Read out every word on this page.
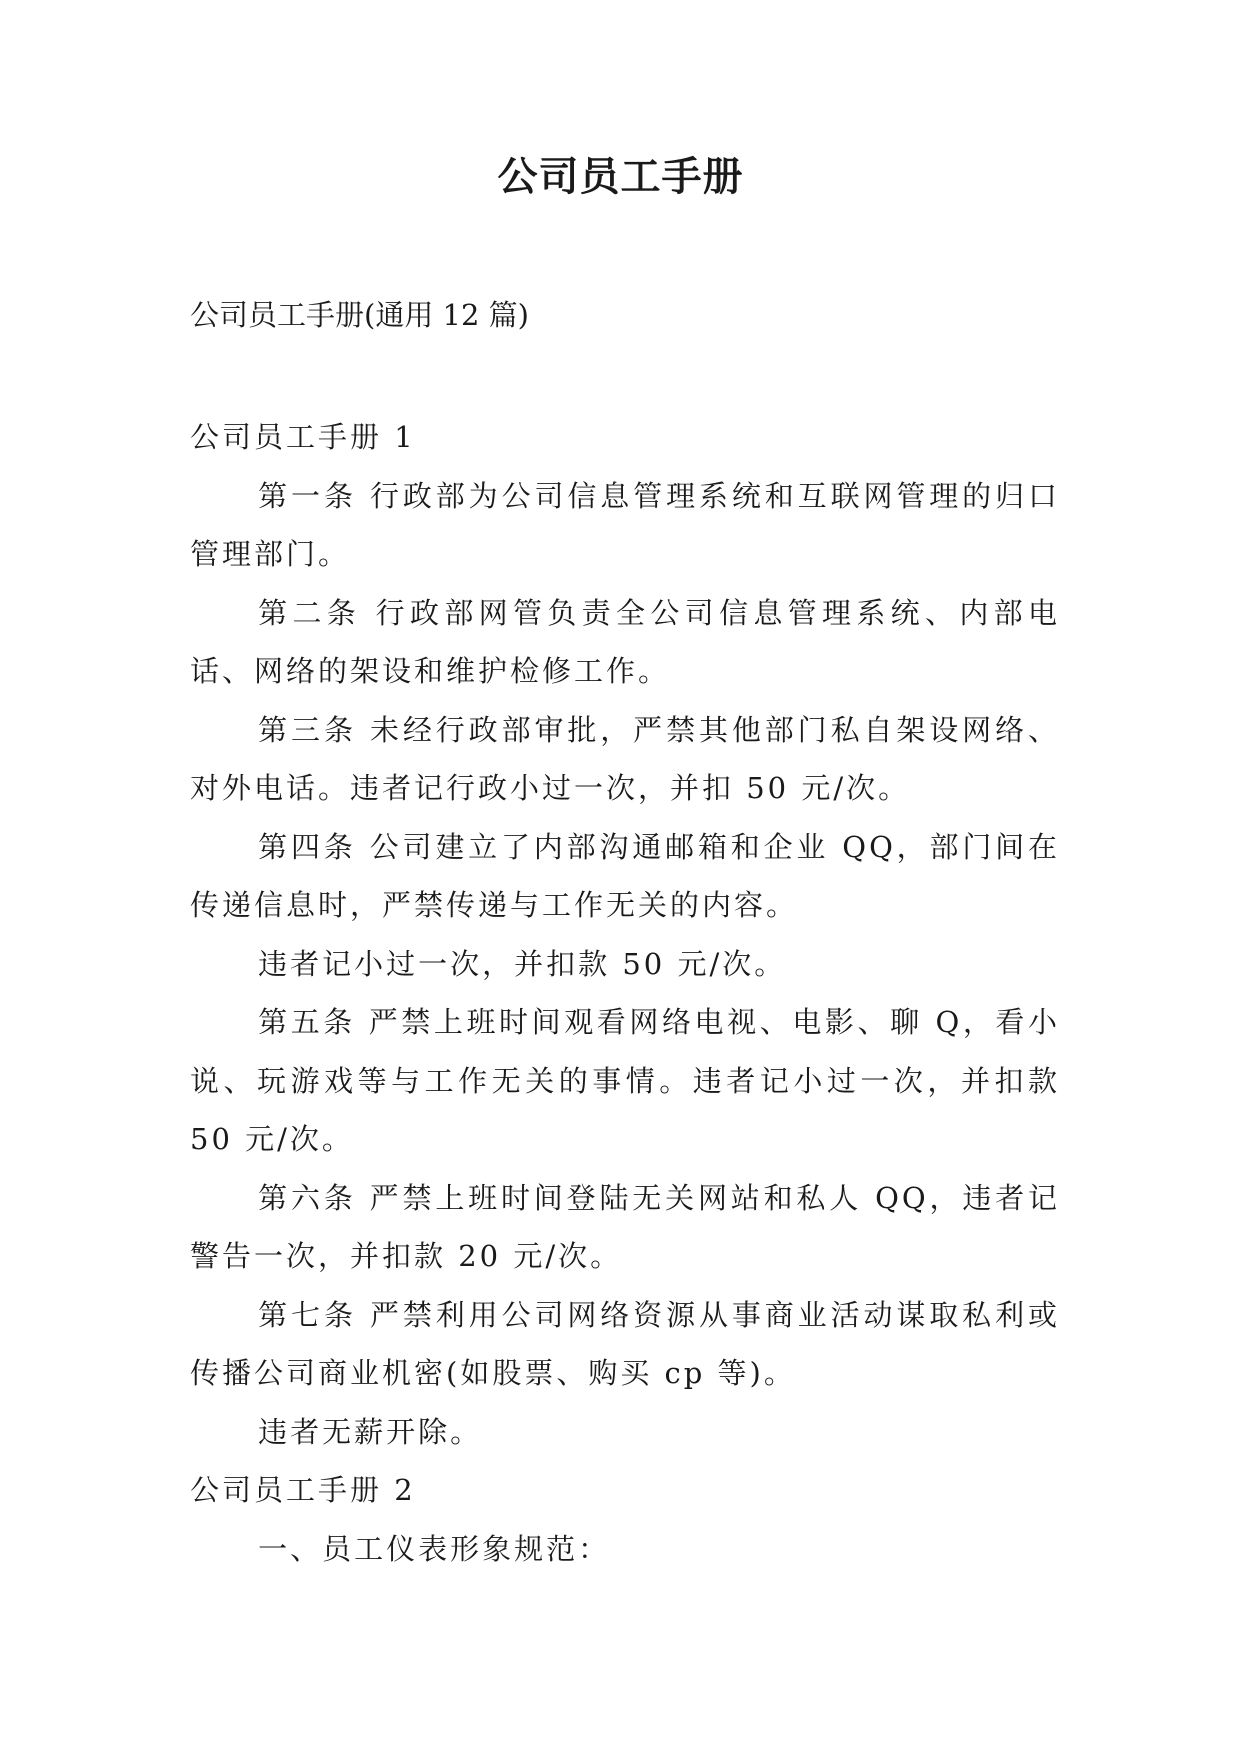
公司员工手册

公司员工手册(通用 12 篇)

公司员工手册 1

第一条 行政部为公司信息管理系统和互联网管理的归口管理部门。

第二条 行政部网管负责全公司信息管理系统、内部电话、网络的架设和维护检修工作。

第三条 未经行政部审批，严禁其他部门私自架设网络、对外电话。违者记行政小过一次，并扣 50 元/次。

第四条 公司建立了内部沟通邮箱和企业 QQ，部门间在传递信息时，严禁传递与工作无关的内容。

违者记小过一次，并扣款 50 元/次。

第五条 严禁上班时间观看网络电视、电影、聊 Q，看小说、玩游戏等与工作无关的事情。违者记小过一次，并扣款 50 元/次。

第六条 严禁上班时间登陆无关网站和私人 QQ，违者记警告一次，并扣款 20 元/次。

第七条 严禁利用公司网络资源从事商业活动谋取私利或传播公司商业机密(如股票、购买 cp 等)。

违者无薪开除。

公司员工手册 2

一、员工仪表形象规范：
